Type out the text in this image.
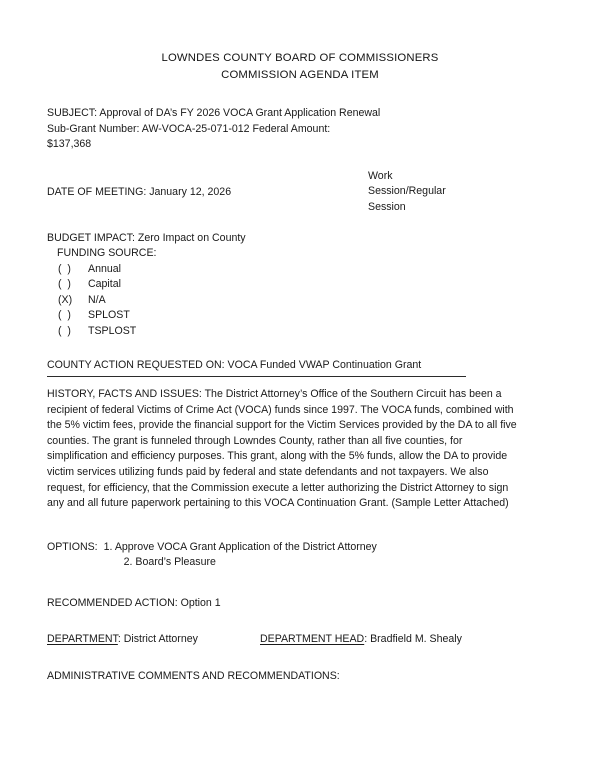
LOWNDES COUNTY BOARD OF COMMISSIONERS
COMMISSION AGENDA ITEM
SUBJECT: Approval of DA’s FY 2026 VOCA Grant Application Renewal
Sub-Grant Number: AW-VOCA-25-071-012 Federal Amount:
$137,368
DATE OF MEETING: January 12, 2026
Work
Session/Regular
Session
BUDGET IMPACT: Zero Impact on County
FUNDING SOURCE:
(  )	Annual
(  )	Capital
(X)	N/A
(  )	SPLOST
(  )	TSPLOST
COUNTY ACTION REQUESTED ON: VOCA Funded VWAP Continuation Grant

HISTORY, FACTS AND ISSUES: The District Attorney’s Office of the Southern Circuit has been a recipient of federal Victims of Crime Act (VOCA) funds since 1997. The VOCA funds, combined with the 5% victim fees, provide the financial support for the Victim Services provided by the DA to all five counties. The grant is funneled through Lowndes County, rather than all five counties, for simplification and efficiency purposes. This grant, along with the 5% funds, allow the DA to provide victim services utilizing funds paid by federal and state defendants and not taxpayers. We also request, for efficiency, that the Commission execute a letter authorizing the District Attorney to sign any and all future paperwork pertaining to this VOCA Continuation Grant. (Sample Letter Attached)

OPTIONS: 1. Approve VOCA Grant Application of the District Attorney
2. Board’s Pleasure
RECOMMENDED ACTION: Option 1
DEPARTMENT: District Attorney	DEPARTMENT HEAD: Bradfield M. Shealy
ADMINISTRATIVE COMMENTS AND RECOMMENDATIONS:
